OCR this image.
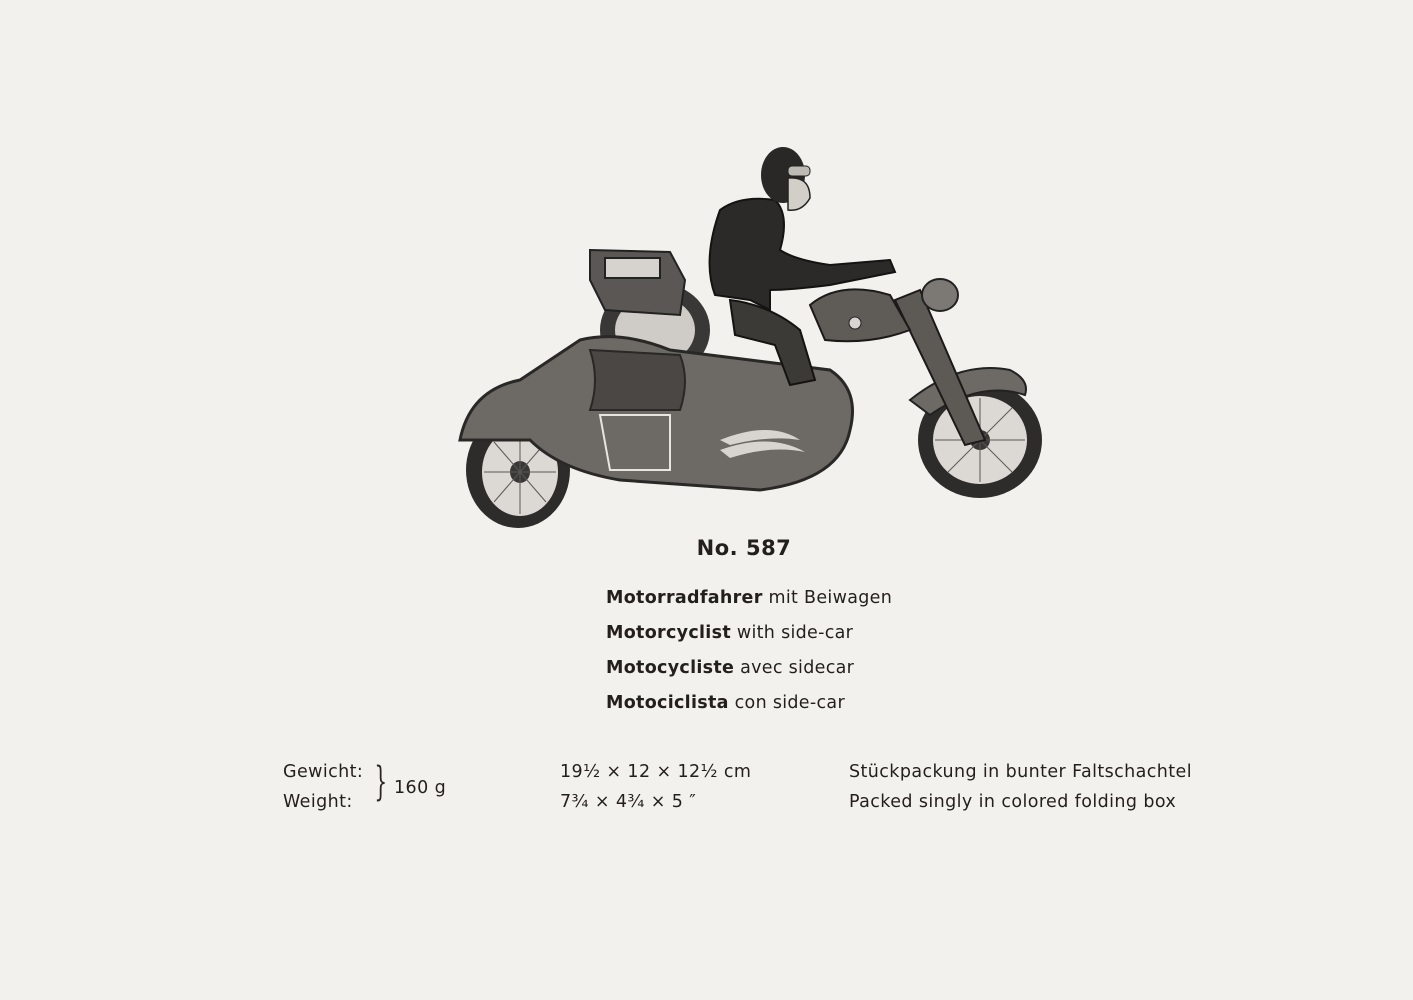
No. 587
Motorradfahrer mit Beiwagen
Motorcyclist with side-car
Motocycliste avec sidecar
Motociclista con side-car
Gewicht:
Weight: } 160 g
19½ × 12 × 12½ cm
7¾ × 4¾ × 5 ″
Stückpackung in bunter Faltschachtel
Packed singly in colored folding box
